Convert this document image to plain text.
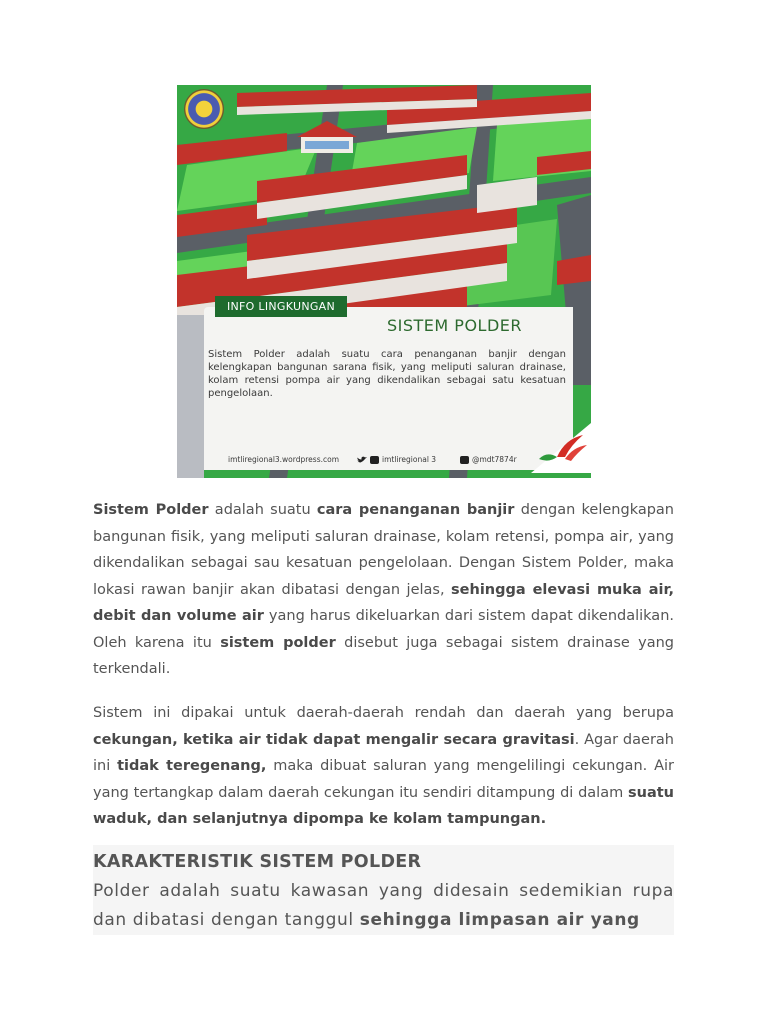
INFO LINGKUNGAN
SISTEM POLDER
Sistem Polder adalah suatu cara penanganan banjir dengan kelengkapan bangunan sarana fisik, yang meliputi saluran drainase, kolam retensi pompa air yang dikendalikan sebagai satu kesatuan pengelolaan.
imtliregional3.wordpress.com	imtliregional 3	@mdt7874r

Sistem Polder adalah suatu cara penanganan banjir dengan kelengkapan bangunan fisik, yang meliputi saluran drainase, kolam retensi, pompa air, yang dikendalikan sebagai sau kesatuan pengelolaan. Dengan Sistem Polder, maka lokasi rawan banjir akan dibatasi dengan jelas, sehingga elevasi muka air, debit dan volume air yang harus dikeluarkan dari sistem dapat dikendalikan. Oleh karena itu sistem polder disebut juga sebagai sistem drainase yang terkendali.

Sistem ini dipakai untuk daerah-daerah rendah dan daerah yang berupa cekungan, ketika air tidak dapat mengalir secara gravitasi. Agar daerah ini tidak teregenang, maka dibuat saluran yang mengelilingi cekungan. Air yang tertangkap dalam daerah cekungan itu sendiri ditampung di dalam suatu waduk, dan selanjutnya dipompa ke kolam tampungan.

KARAKTERISTIK SISTEM POLDER

Polder adalah suatu kawasan yang didesain sedemikian rupa dan dibatasi dengan tanggul sehingga limpasan air yang
